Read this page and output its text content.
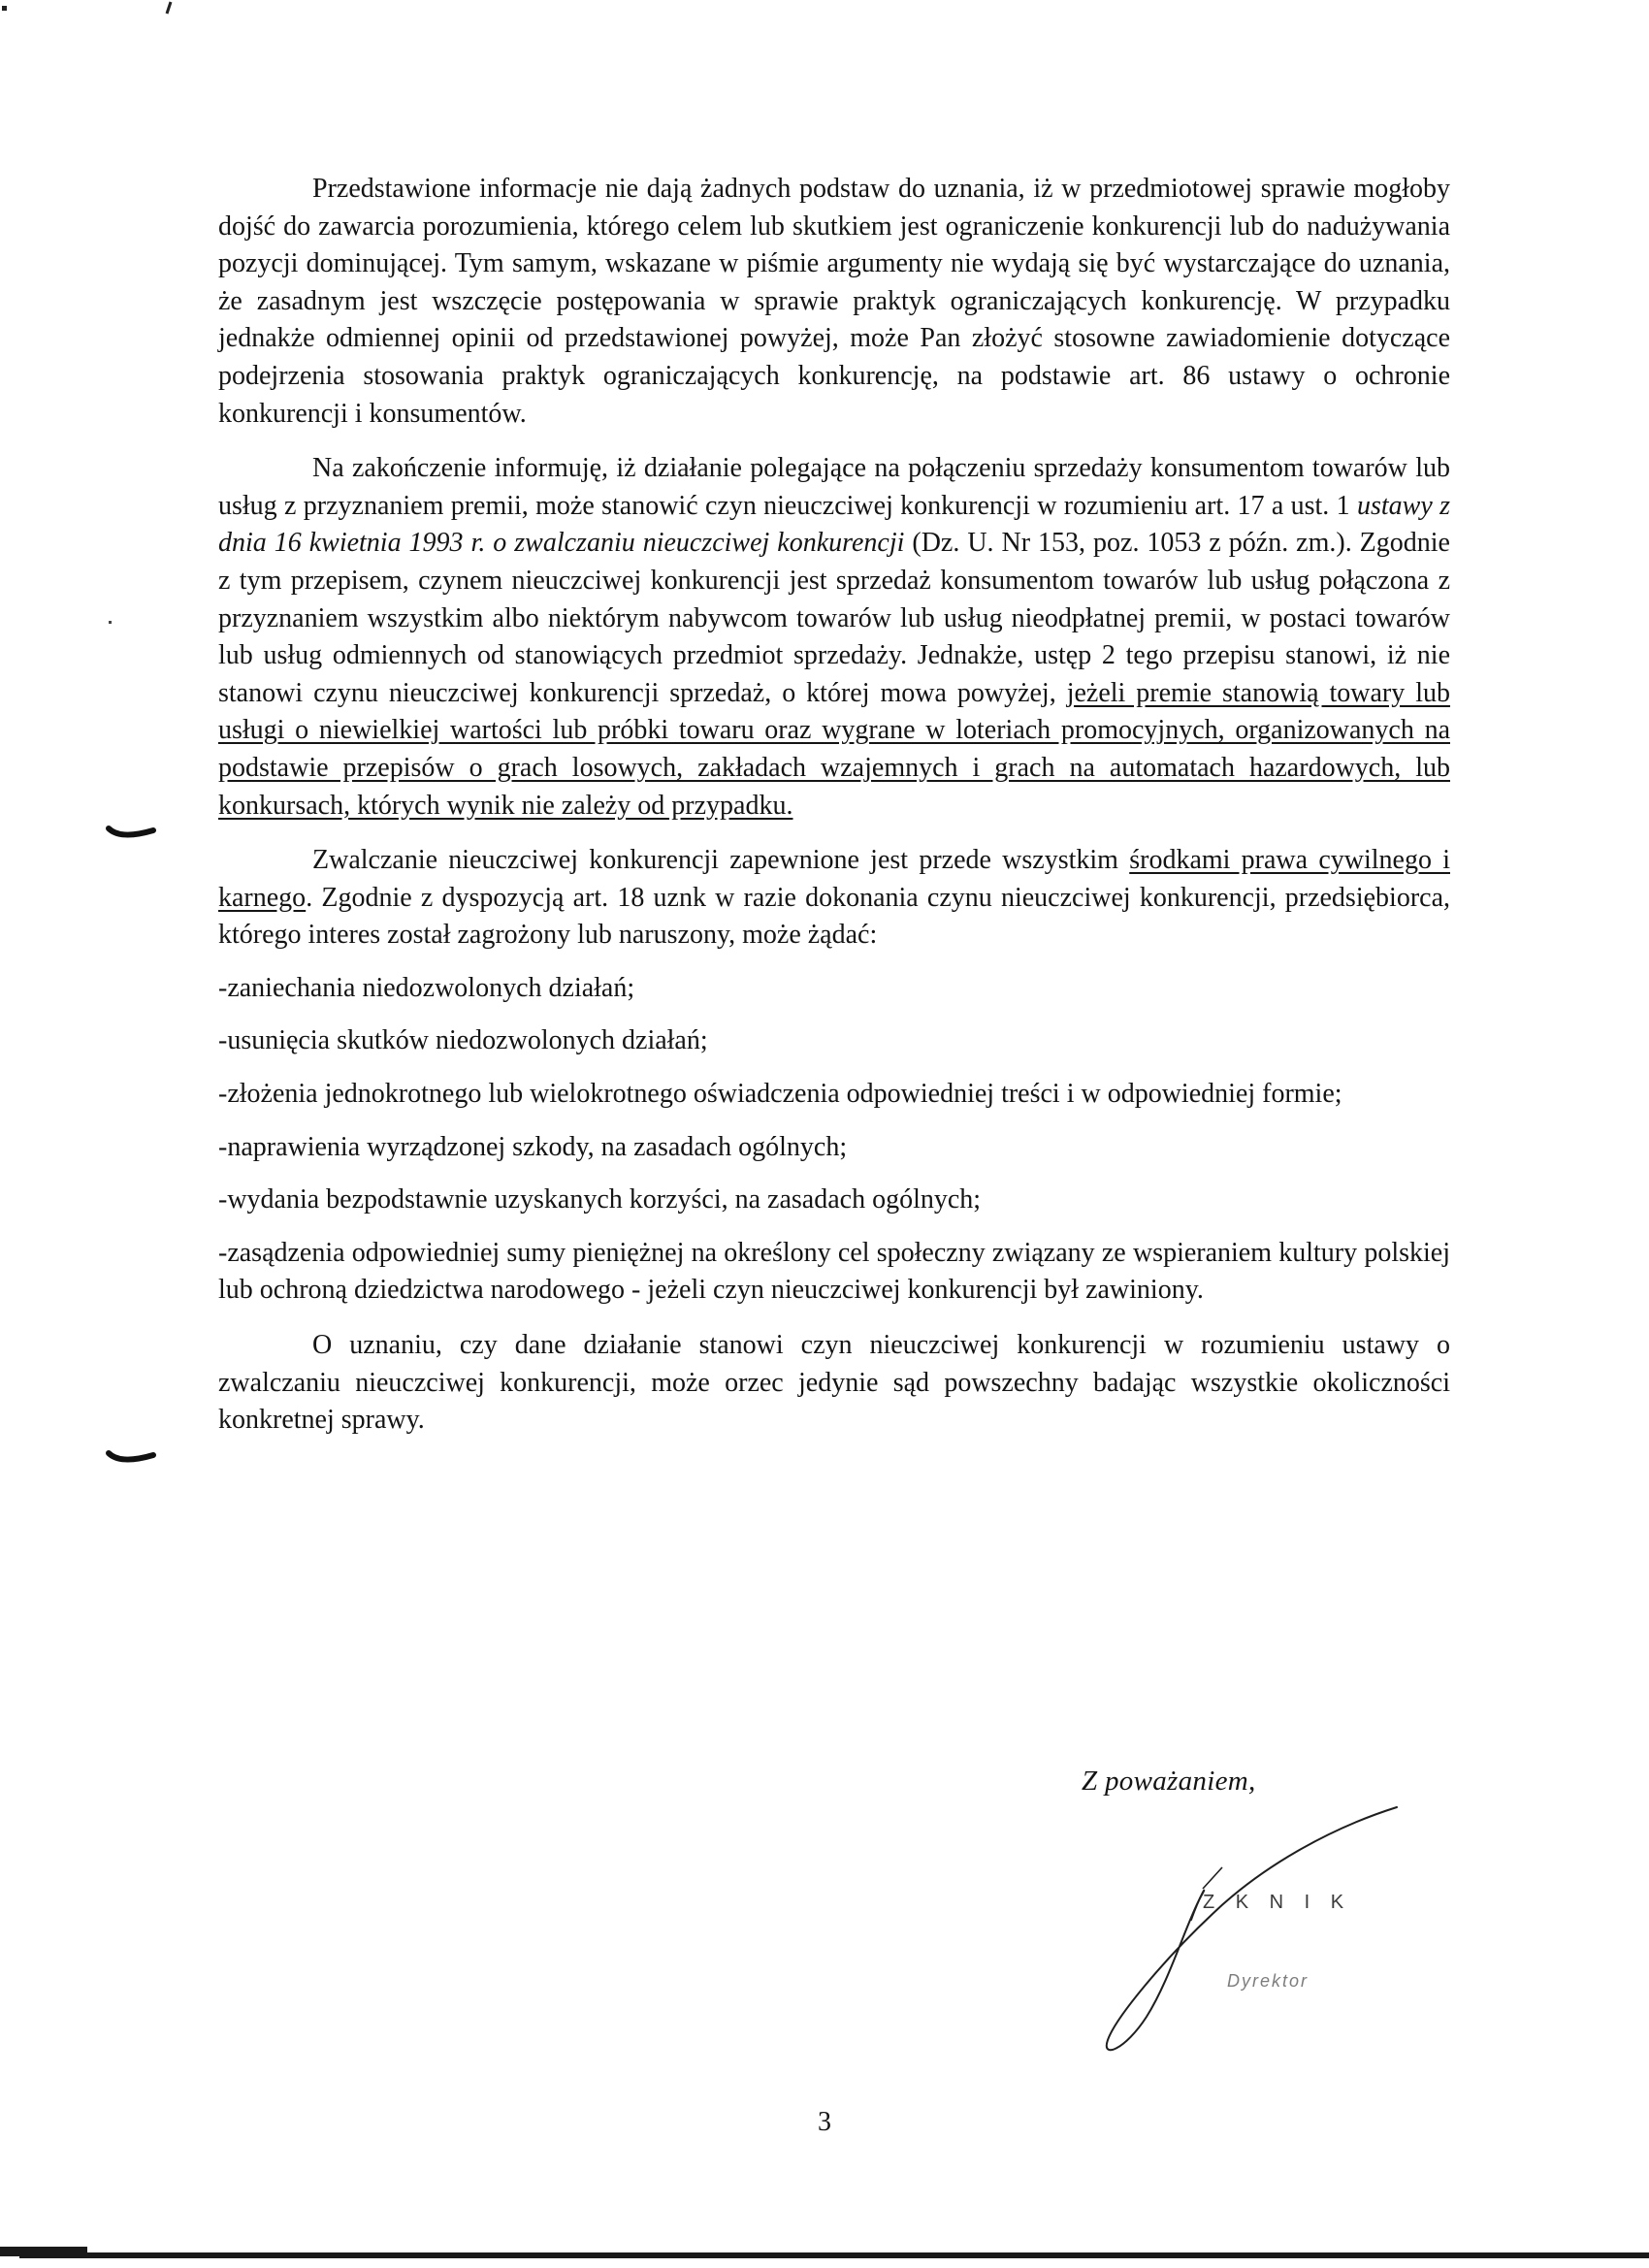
Przedstawione informacje nie dają żadnych podstaw do uznania, iż w przedmiotowej sprawie mogłoby dojść do zawarcia porozumienia, którego celem lub skutkiem jest ograniczenie konkurencji lub do nadużywania pozycji dominującej. Tym samym, wskazane w piśmie argumenty nie wydają się być wystarczające do uznania, że zasadnym jest wszczęcie postępowania w sprawie praktyk ograniczających konkurencję. W przypadku jednakże odmiennej opinii od przedstawionej powyżej, może Pan złożyć stosowne zawiadomienie dotyczące podejrzenia stosowania praktyk ograniczających konkurencję, na podstawie art. 86 ustawy o ochronie konkurencji i konsumentów.

Na zakończenie informuję, iż działanie polegające na połączeniu sprzedaży konsumentom towarów lub usług z przyznaniem premii, może stanowić czyn nieuczciwej konkurencji w rozumieniu art. 17 a ust. 1 ustawy z dnia 16 kwietnia 1993 r. o zwalczaniu nieuczciwej konkurencji (Dz. U. Nr 153, poz. 1053 z późn. zm.). Zgodnie z tym przepisem, czynem nieuczciwej konkurencji jest sprzedaż konsumentom towarów lub usług połączona z przyznaniem wszystkim albo niektórym nabywcom towarów lub usług nieodpłatnej premii, w postaci towarów lub usług odmiennych od stanowiących przedmiot sprzedaży. Jednakże, ustęp 2 tego przepisu stanowi, iż nie stanowi czynu nieuczciwej konkurencji sprzedaż, o której mowa powyżej, jeżeli premie stanowią towary lub usługi o niewielkiej wartości lub próbki towaru oraz wygrane w loteriach promocyjnych, organizowanych na podstawie przepisów o grach losowych, zakładach wzajemnych i grach na automatach hazardowych, lub konkursach, których wynik nie zależy od przypadku.

Zwalczanie nieuczciwej konkurencji zapewnione jest przede wszystkim środkami prawa cywilnego i karnego. Zgodnie z dyspozycją art. 18 uznk w razie dokonania czynu nieuczciwej konkurencji, przedsiębiorca, którego interes został zagrożony lub naruszony, może żądać:

-zaniechania niedozwolonych działań;

-usunięcia skutków niedozwolonych działań;

-złożenia jednokrotnego lub wielokrotnego oświadczenia odpowiedniej treści i w odpowiedniej formie;

-naprawienia wyrządzonej szkody, na zasadach ogólnych;

-wydania bezpodstawnie uzyskanych korzyści, na zasadach ogólnych;

-zasądzenia odpowiedniej sumy pieniężnej na określony cel społeczny związany ze wspieraniem kultury polskiej lub ochroną dziedzictwa narodowego - jeżeli czyn nieuczciwej konkurencji był zawiniony.

O uznaniu, czy dane działanie stanowi czyn nieuczciwej konkurencji w rozumieniu ustawy o zwalczaniu nieuczciwej konkurencji, może orzec jedynie sąd powszechny badając wszystkie okoliczności konkretnej sprawy.

Z poważaniem,
Z K N I K
Dyrektor
3
